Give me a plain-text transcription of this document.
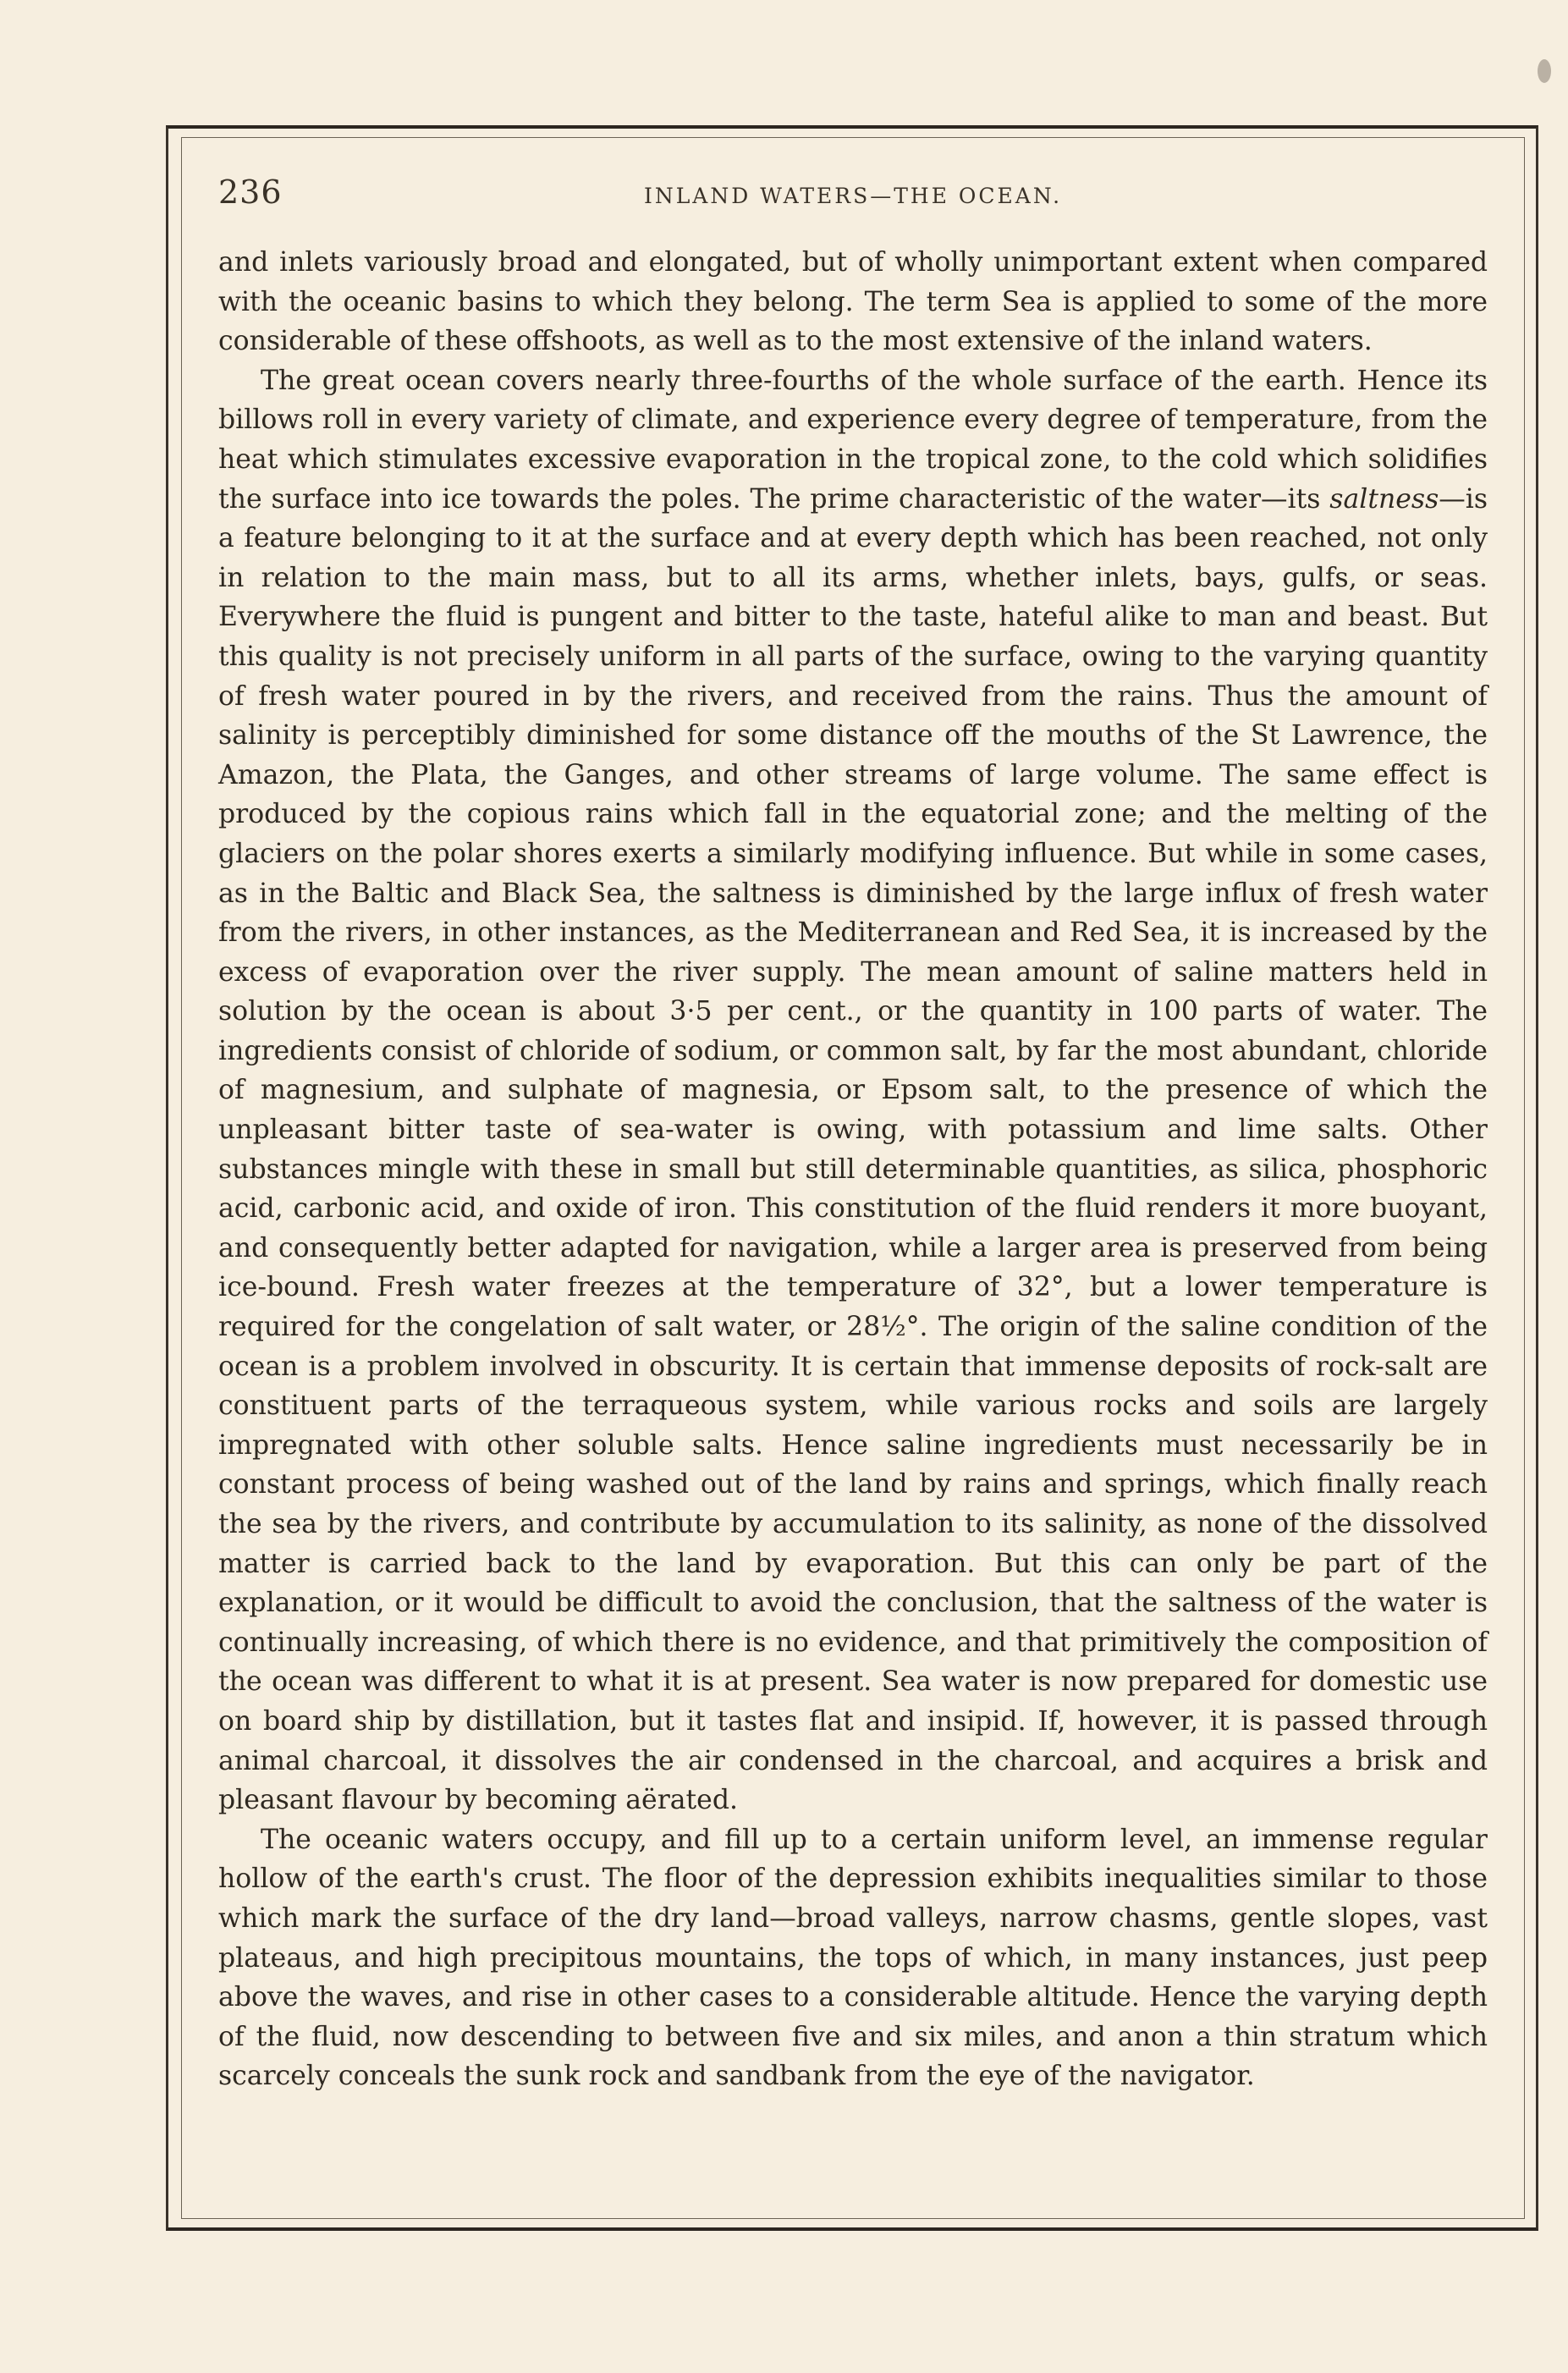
236	INLAND WATERS—THE OCEAN.

and inlets variously broad and elongated, but of wholly unimportant extent when compared with the oceanic basins to which they belong. The term Sea is applied to some of the more considerable of these offshoots, as well as to the most extensive of the inland waters.

The great ocean covers nearly three-fourths of the whole surface of the earth. Hence its billows roll in every variety of climate, and experience every degree of temperature, from the heat which stimulates excessive evaporation in the tropical zone, to the cold which solidifies the surface into ice towards the poles. The prime characteristic of the water—its saltness—is a feature belonging to it at the surface and at every depth which has been reached, not only in relation to the main mass, but to all its arms, whether inlets, bays, gulfs, or seas. Everywhere the fluid is pungent and bitter to the taste, hateful alike to man and beast. But this quality is not precisely uniform in all parts of the surface, owing to the varying quantity of fresh water poured in by the rivers, and received from the rains. Thus the amount of salinity is perceptibly diminished for some distance off the mouths of the St Lawrence, the Amazon, the Plata, the Ganges, and other streams of large volume. The same effect is produced by the copious rains which fall in the equatorial zone; and the melting of the glaciers on the polar shores exerts a similarly modifying influence. But while in some cases, as in the Baltic and Black Sea, the saltness is diminished by the large influx of fresh water from the rivers, in other instances, as the Mediterranean and Red Sea, it is increased by the excess of evaporation over the river supply. The mean amount of saline matters held in solution by the ocean is about 3·5 per cent., or the quantity in 100 parts of water. The ingredients consist of chloride of sodium, or common salt, by far the most abundant, chloride of magnesium, and sulphate of magnesia, or Epsom salt, to the presence of which the unpleasant bitter taste of sea-water is owing, with potassium and lime salts. Other substances mingle with these in small but still determinable quantities, as silica, phosphoric acid, carbonic acid, and oxide of iron. This constitution of the fluid renders it more buoyant, and consequently better adapted for navigation, while a larger area is preserved from being ice-bound. Fresh water freezes at the temperature of 32°, but a lower temperature is required for the congelation of salt water, or 28½°. The origin of the saline condition of the ocean is a problem involved in obscurity. It is certain that immense deposits of rock-salt are constituent parts of the terraqueous system, while various rocks and soils are largely impregnated with other soluble salts. Hence saline ingredients must necessarily be in constant process of being washed out of the land by rains and springs, which finally reach the sea by the rivers, and contribute by accumulation to its salinity, as none of the dissolved matter is carried back to the land by evaporation. But this can only be part of the explanation, or it would be difficult to avoid the conclusion, that the saltness of the water is continually increasing, of which there is no evidence, and that primitively the composition of the ocean was different to what it is at present. Sea water is now prepared for domestic use on board ship by distillation, but it tastes flat and insipid. If, however, it is passed through animal charcoal, it dissolves the air condensed in the charcoal, and acquires a brisk and pleasant flavour by becoming aërated.

The oceanic waters occupy, and fill up to a certain uniform level, an immense regular hollow of the earth's crust. The floor of the depression exhibits inequalities similar to those which mark the surface of the dry land—broad valleys, narrow chasms, gentle slopes, vast plateaus, and high precipitous mountains, the tops of which, in many instances, just peep above the waves, and rise in other cases to a considerable altitude. Hence the varying depth of the fluid, now descending to between five and six miles, and anon a thin stratum which scarcely conceals the sunk rock and sandbank from the eye of the navigator.
